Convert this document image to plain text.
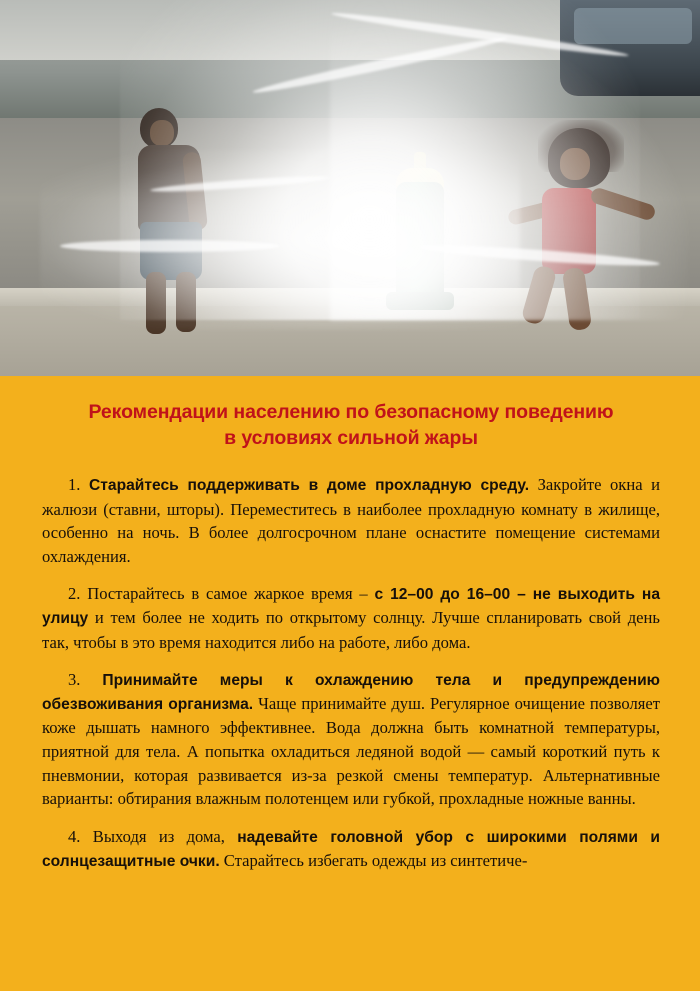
Рекомендации населению по безопасному поведению
в условиях сильной жары

1. Старайтесь поддерживать в доме прохладную среду. Закройте окна и жалюзи (ставни, шторы). Переместитесь в наиболее прохладную комнату в жилище, особенно на ночь. В более долгосрочном плане оснастите помещение системами охлаждения.

2. Постарайтесь в самое жаркое время – с 12–00 до 16–00 – не выходить на улицу и тем более не ходить по открытому солнцу. Лучше спланировать свой день так, чтобы в это время находится либо на работе, либо дома.

3. Принимайте меры к охлаждению тела и предупреждению обезвоживания организма. Чаще принимайте душ. Регулярное очищение позволяет коже дышать намного эффективнее. Вода должна быть комнатной температуры, приятной для тела. А попытка охладиться ледяной водой — самый короткий путь к пневмонии, которая развивается из-за резкой смены температур. Альтернативные варианты: обтирания влажным полотенцем или губкой, прохладные ножные ванны.

4. Выходя из дома, надевайте головной убор с широкими полями и солнцезащитные очки. Старайтесь избегать одежды из синтетиче-
